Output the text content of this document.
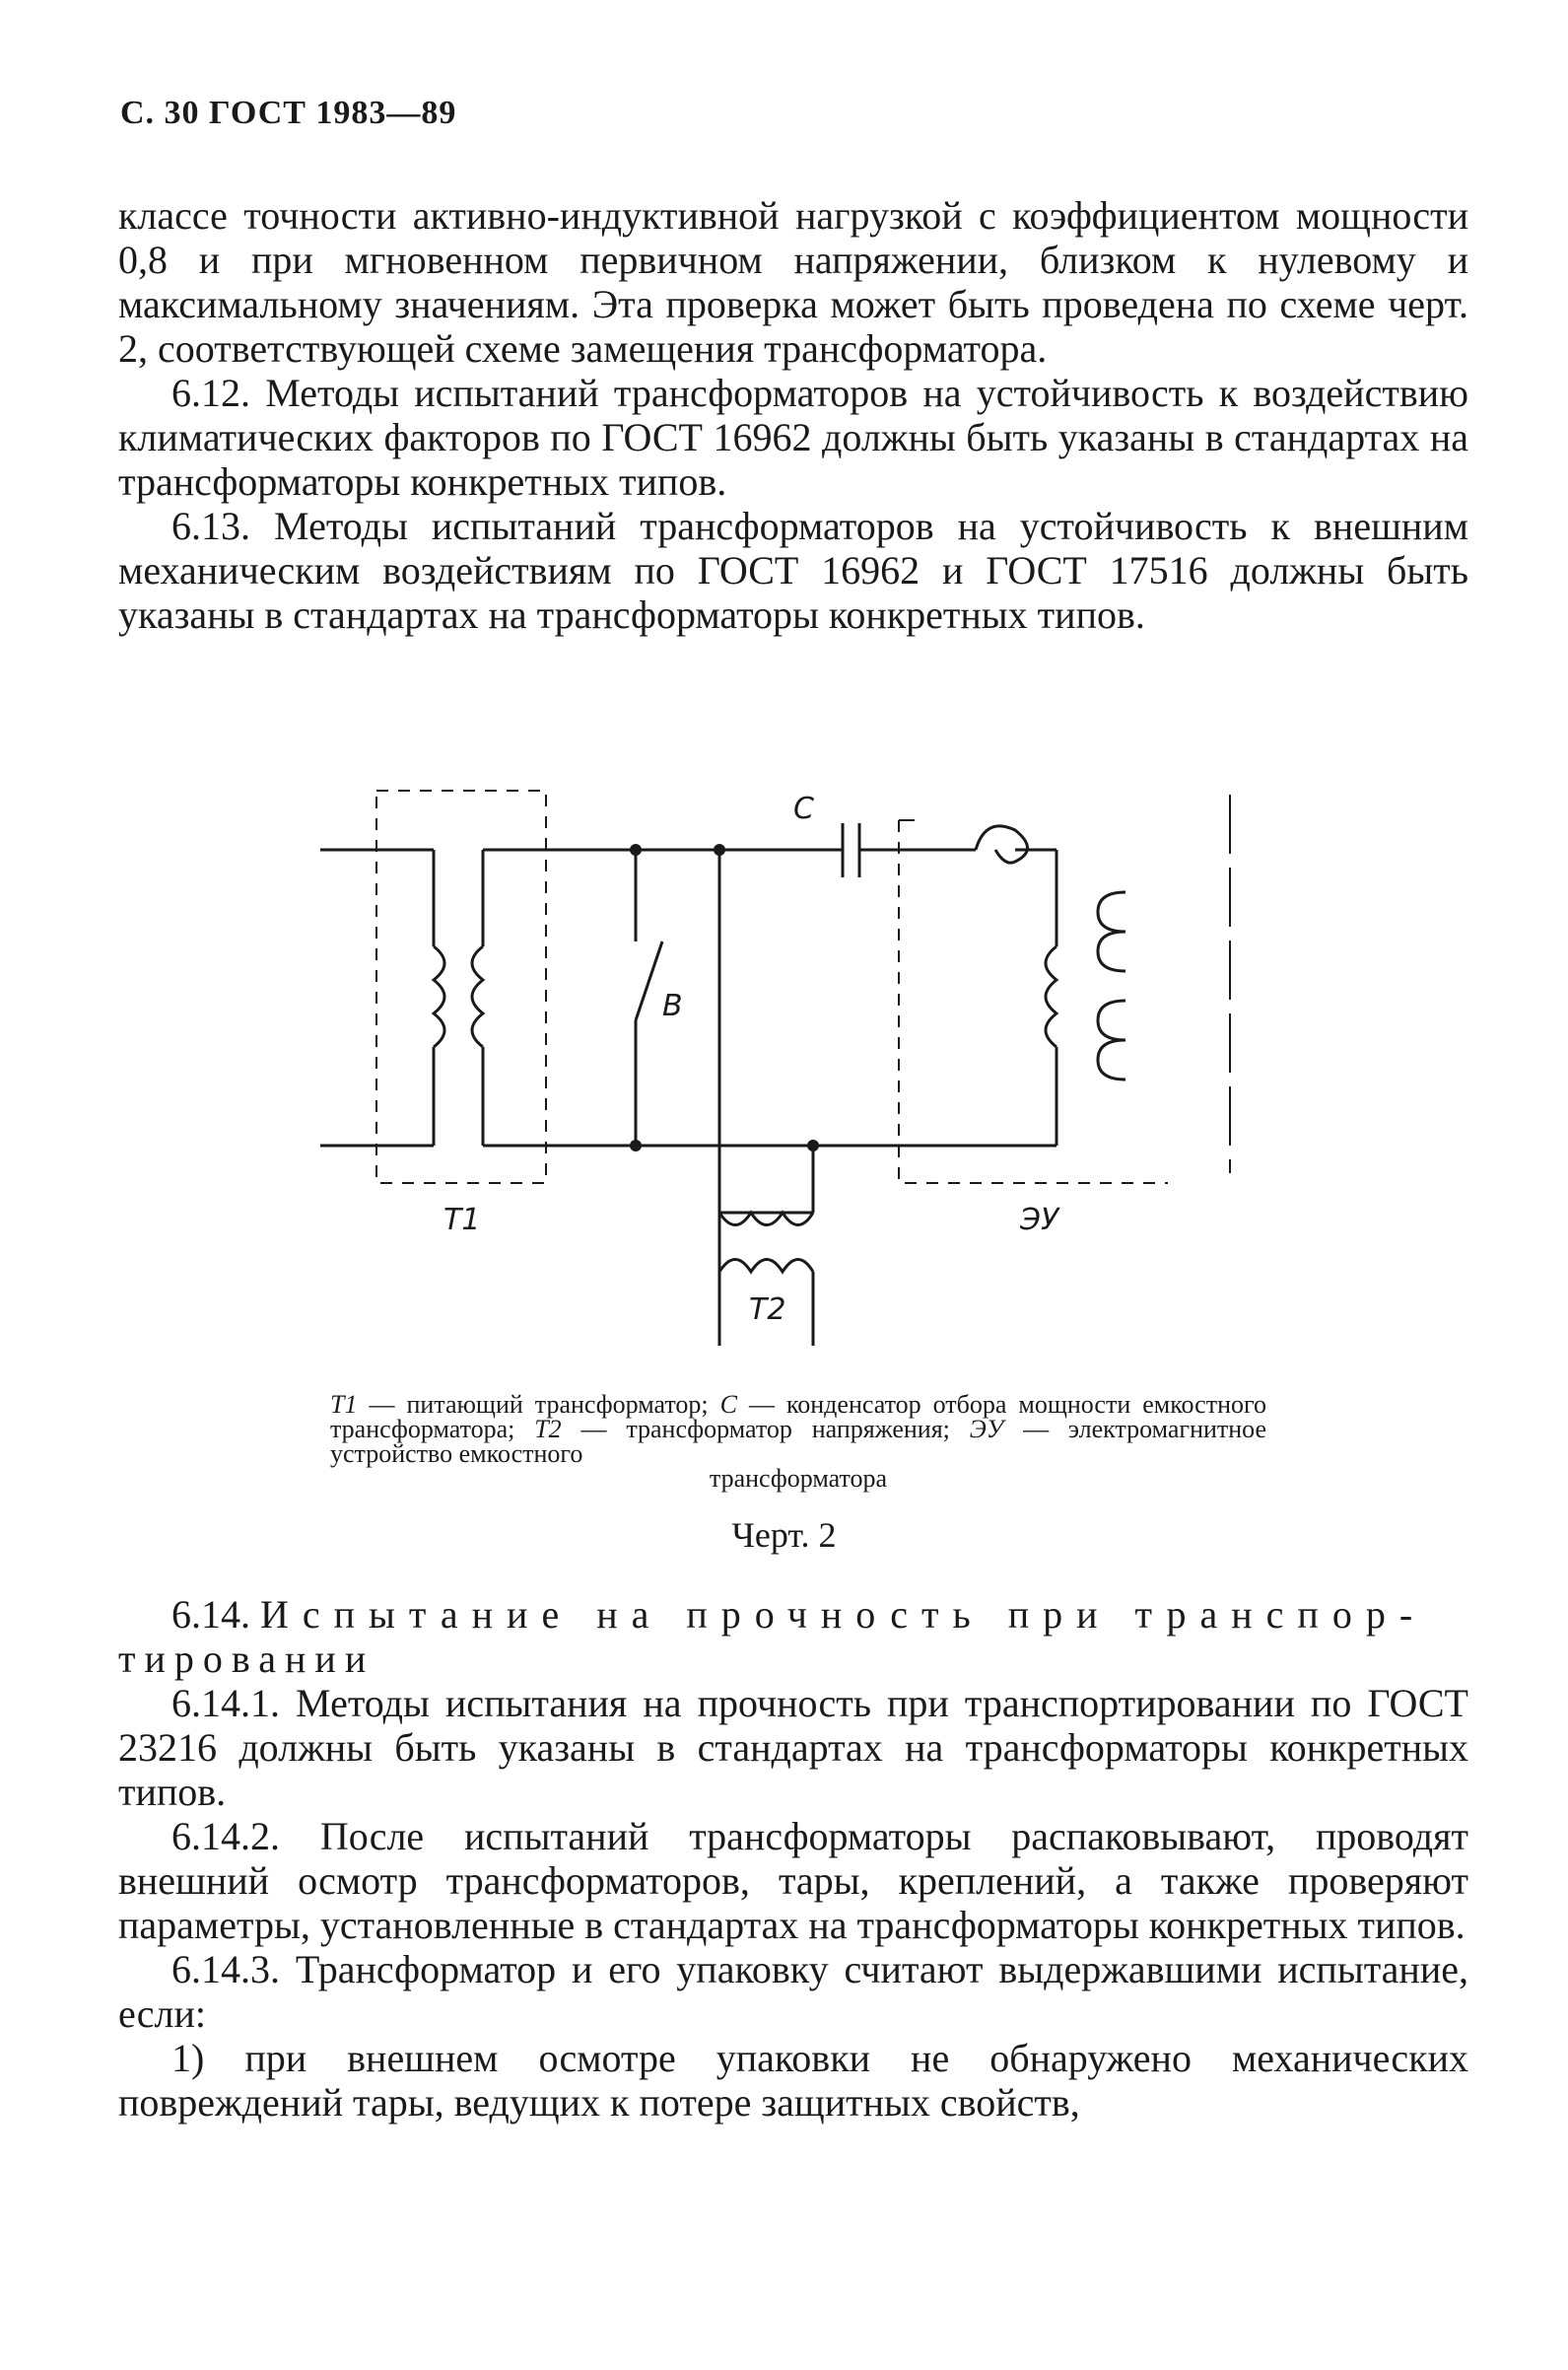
С. 30 ГОСТ 1983—89

классе точности активно-индуктивной нагрузкой с коэффициентом мощности 0,8 и при мгновенном первичном напряжении, близком к нулевому и максимальному значениям. Эта проверка может быть проведена по схеме черт. 2, соответствующей схеме замещения трансформатора.

6.12. Методы испытаний трансформаторов на устойчивость к воздействию климатических факторов по ГОСТ 16962 должны быть указаны в стандартах на трансформаторы конкретных типов.

6.13. Методы испытаний трансформаторов на устойчивость к внешним механическим воздействиям по ГОСТ 16962 и ГОСТ 17516 должны быть указаны в стандартах на трансформаторы конкретных типов.

Т1
С
В
Т2
ЭУ
Т1 — питающий трансформатор; С — конденсатор отбора мощности емкостного трансформатора; Т2 — трансформатор напряжения; ЭУ — электромагнитное устройство емкостного
трансформатора
Черт. 2

6.14. Испытание на прочность при транспор-

тировании

6.14.1. Методы испытания на прочность при транспортировании по ГОСТ 23216 должны быть указаны в стандартах на трансформаторы конкретных типов.

6.14.2. После испытаний трансформаторы распаковывают, проводят внешний осмотр трансформаторов, тары, креплений, а также проверяют параметры, установленные в стандартах на трансформаторы конкретных типов.

6.14.3. Трансформатор и его упаковку считают выдержавшими испытание, если:

1) при внешнем осмотре упаковки не обнаружено механических повреждений тары, ведущих к потере защитных свойств,
